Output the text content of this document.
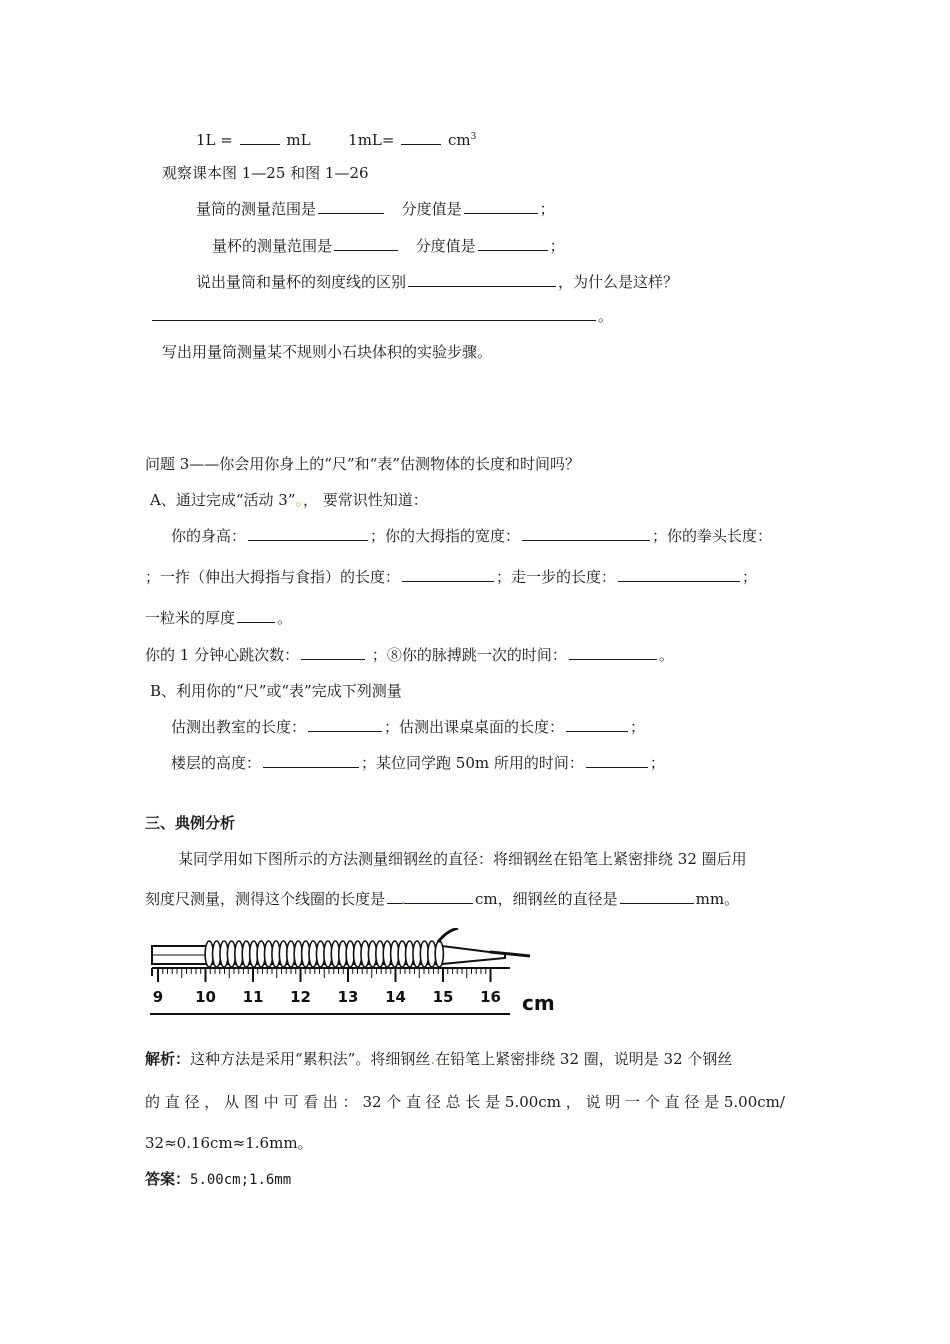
1L =	mL	1mL=	$cm^3$
观察课本图 1—25 和图 1—26
量筒的测量范围是	分度值是	；
量杯的测量范围是	分度值是	；
说出量筒和量杯的刻度线的区别	，为什么是这样？
。
写出用量筒测量某不规则小石块体积的实验步骤。
问题 3——你会用你身上的“尺”和“表”估测物体的长度和时间吗？
A、通过完成“活动 3”。， 要常识性知道：
你的身高：	；你的大拇指的宽度：	；你的拳头长度：
；一拃（伸出大拇指与食指）的长度：	；走一步的长度：	；
一粒米的厚度	。
你的 1 分钟心跳次数：	；⑧你的脉搏跳一次的时间：	。
B、利用你的“尺”或“表”完成下列测量
估测出教室的长度：	；估测出课桌桌面的长度：	；
楼层的高度：	；某位同学跑 50m 所用的时间：	；
三、典例分析
某同学用如下图所示的方法测量细钢丝的直径：将细钢丝在铅笔上紧密排绕 32 圈后用
刻度尺测量，测得这个线圈的长度是 .	cm，细钢丝的直径是	mm。
9 10 11 12 13 14 15 16 cm
解析：这种方法是采用“累积法”。将细钢丝.在铅笔上紧密排绕 32 圈，说明是 32 个钢丝
的 直 径 ， 从 图 中 可 看 出 ： 32 个 直 径 总 长 是 5.00cm ， 说 明 一 个 直 径 是 5.00cm/
32≈0.16cm≈1.6mm。
答案：5.00cm;1.6mm
